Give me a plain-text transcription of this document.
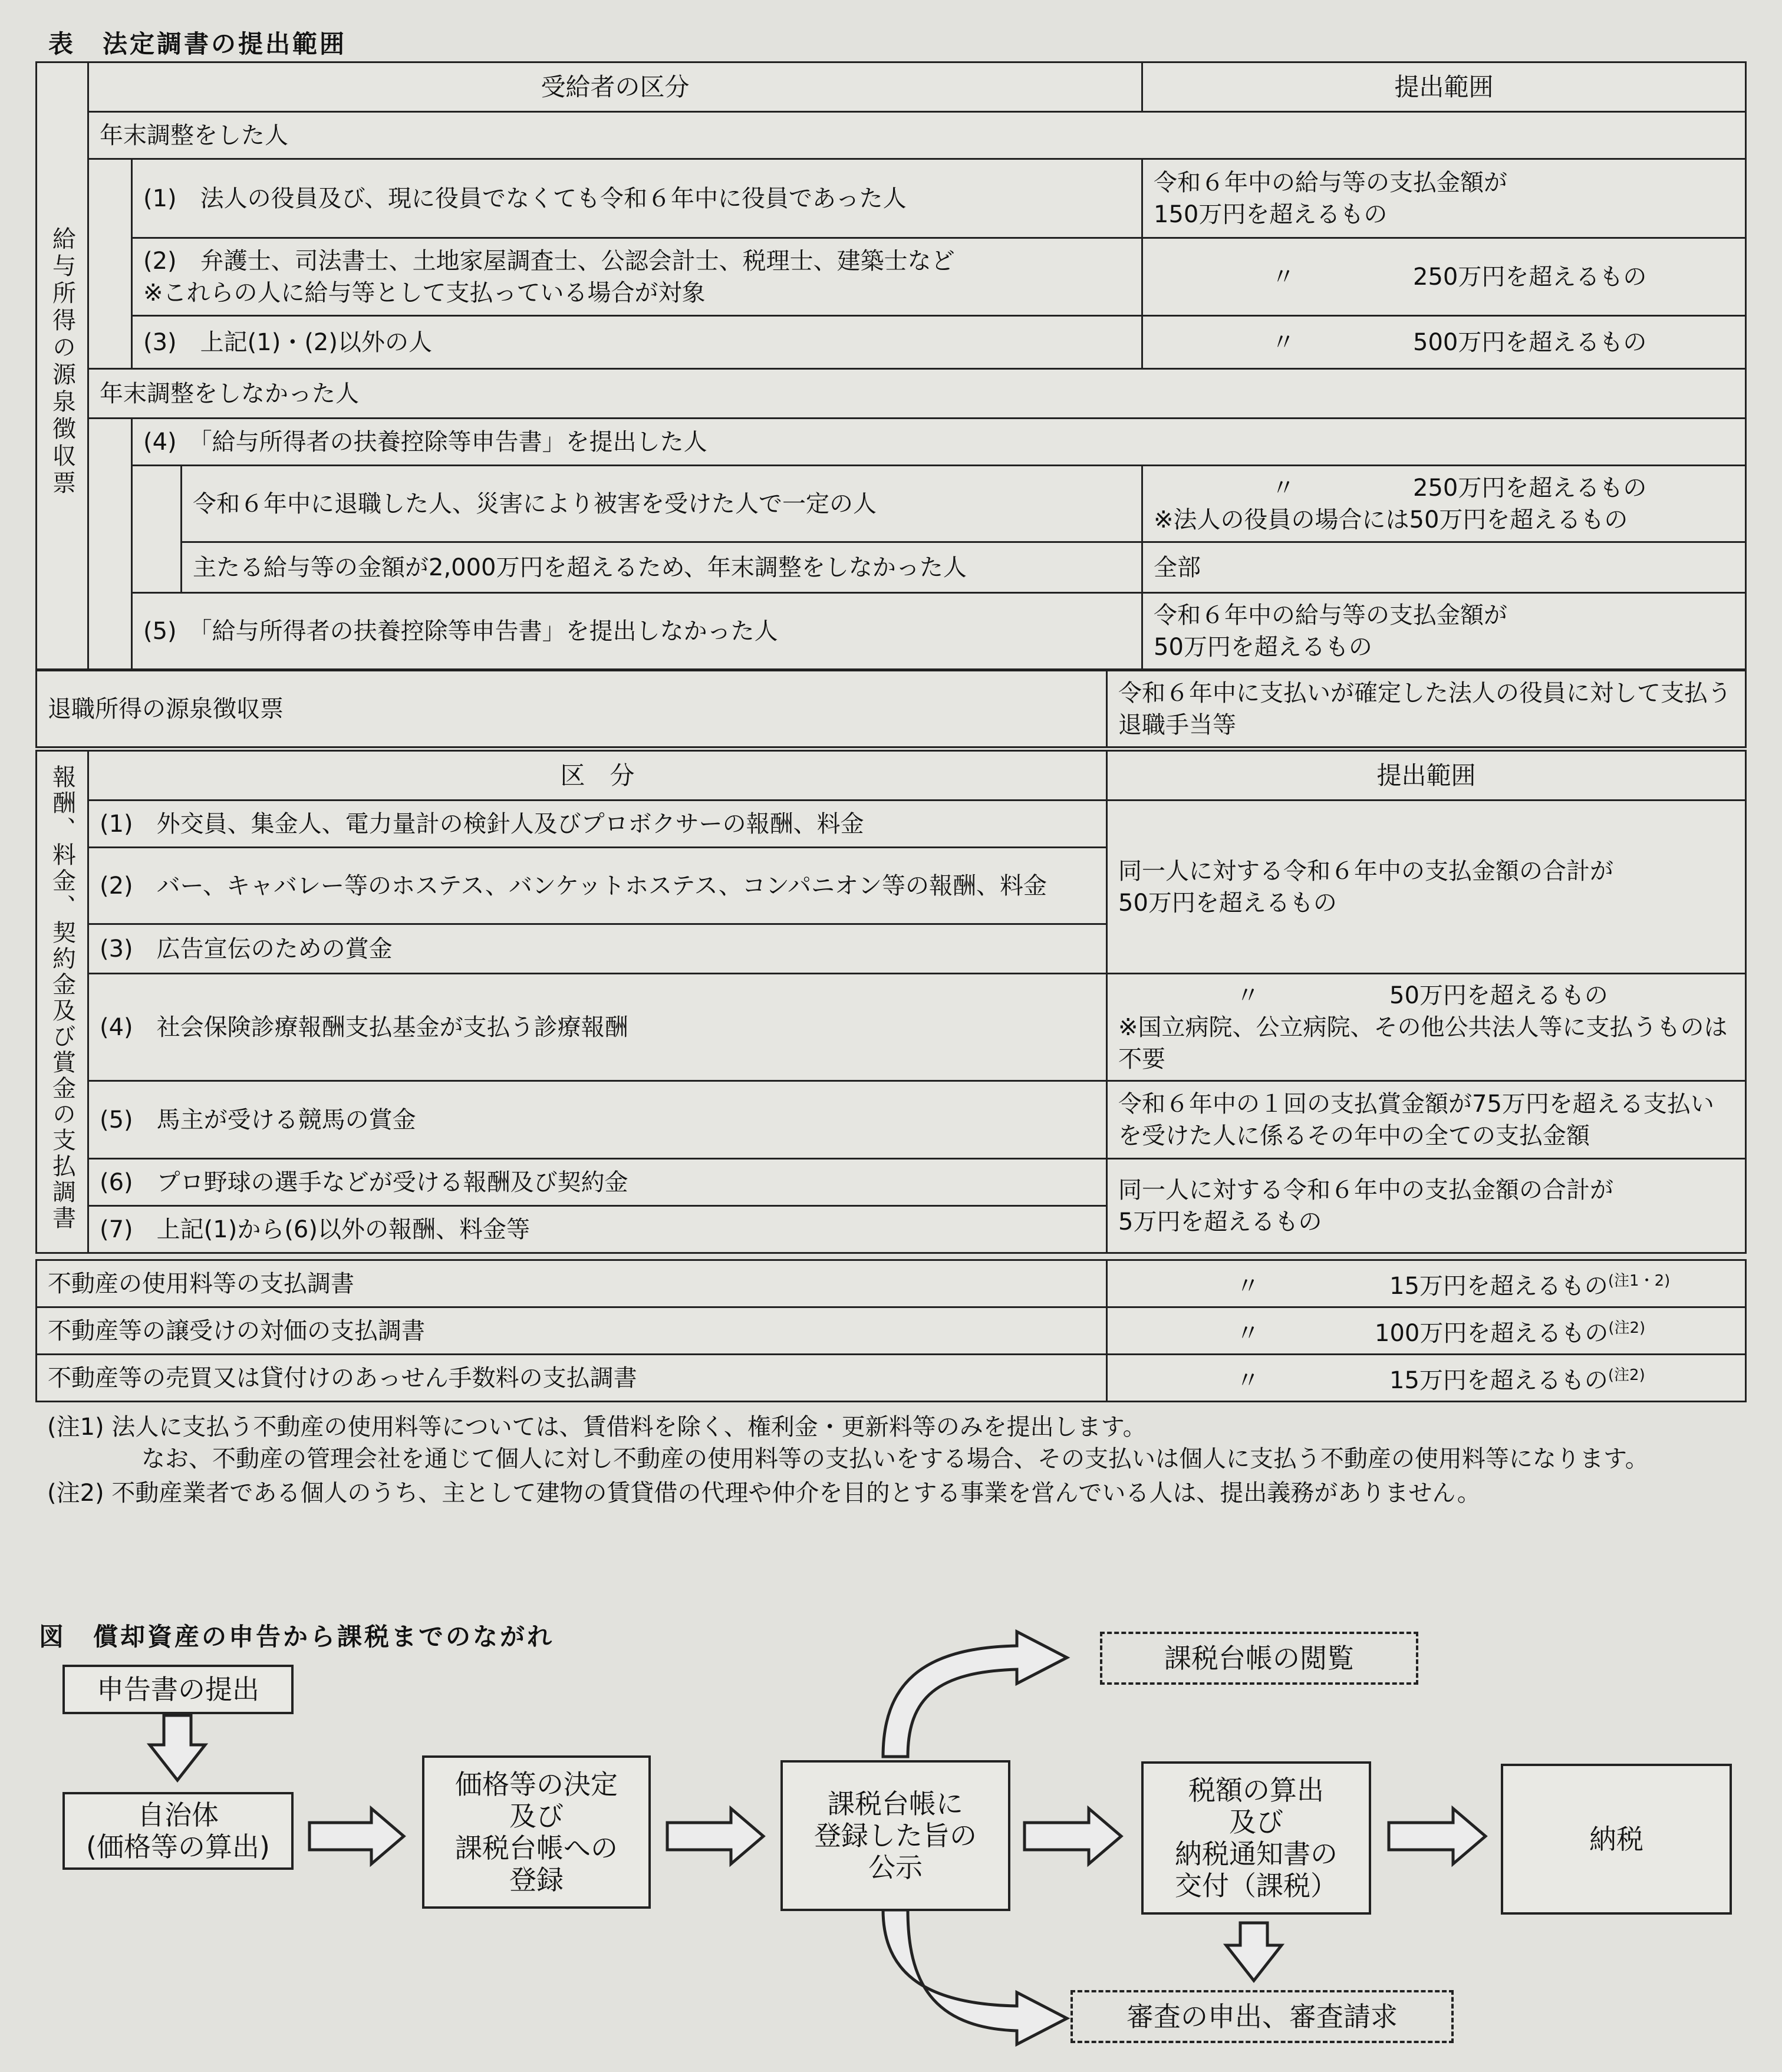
表　法定調書の提出範囲
給与所得の源泉徴収票	受給者の区分			提出範囲
	年末調整をした人			
		(1)　法人の役員及び、現に役員でなくても令和６年中に役員であった人		令和６年中の給与等の支払金額が
150万円を超えるもの
		(2)　弁護士、司法書士、土地家屋調査士、公認会計士、税理士、建築士など
※これらの人に給与等として支払っている場合が対象		〃 250万円を超えるもの
		(3)　上記(1)・(2)以外の人		〃 500万円を超えるもの
	年末調整をしなかった人			
		(4)　「給与所得者の扶養控除等申告書」を提出した人		
			令和６年中に退職した人、災害により被害を受けた人で一定の人	〃 250万円を超えるもの
※法人の役員の場合には50万円を超えるもの

			主たる給与等の金額が2,000万円を超えるため、年末調整をしなかった人	全部
		(5)　「給与所得者の扶養控除等申告書」を提出しなかった人		令和６年中の給与等の支払金額が
50万円を超えるもの

退職所得の源泉徴収票	令和６年中に支払いが確定した法人の役員に対して支払う退職手当等
報酬、料金、契約金及び賞金の支払調書	区　分	提出範囲
	(1)　外交員、集金人、電力量計の検針人及びプロボクサーの報酬、料金	同一人に対する令和６年中の支払金額の合計が
50万円を超えるもの
	(2)　バー、キャバレー等のホステス、バンケットホステス、コンパニオン等の報酬、料金	
	(3)　広告宣伝のための賞金	
	(4)　社会保険診療報酬支払基金が支払う診療報酬	〃 50万円を超えるもの
※国立病院、公立病院、その他公共法人等に支払うものは不要

	(5)　馬主が受ける競馬の賞金	令和６年中の１回の支払賞金額が75万円を超える支払いを受けた人に係るその年中の全ての支払金額
	(6)　プロ野球の選手などが受ける報酬及び契約金	同一人に対する令和６年中の支払金額の合計が
5万円を超えるもの
	(7)　上記(1)から(6)以外の報酬、料金等	
不動産の使用料等の支払調書	〃 15万円を超えるもの$^{(注1・2)}$
不動産等の譲受けの対価の支払調書	〃 100万円を超えるもの$^{(注2)}$
不動産等の売買又は貸付けのあっせん手数料の支払調書	〃 15万円を超えるもの$^{(注2)}$
(注1) 法人に支払う不動産の使用料等については、賃借料を除く、権利金・更新料等のみを提出します。
なお、不動産の管理会社を通じて個人に対し不動産の使用料等の支払いをする場合、その支払いは個人に支払う不動産の使用料等になります。
(注2) 不動産業者である個人のうち、主として建物の賃貸借の代理や仲介を目的とする事業を営んでいる人は、提出義務がありません。
図　償却資産の申告から課税までのながれ
申告書の提出
自治体
(価格等の算出)
価格等の決定
及び
課税台帳への
登録
課税台帳に
登録した旨の
公示
課税台帳の閲覧
税額の算出
及び
納税通知書の
交付（課税）
納税
審査の申出、審査請求
